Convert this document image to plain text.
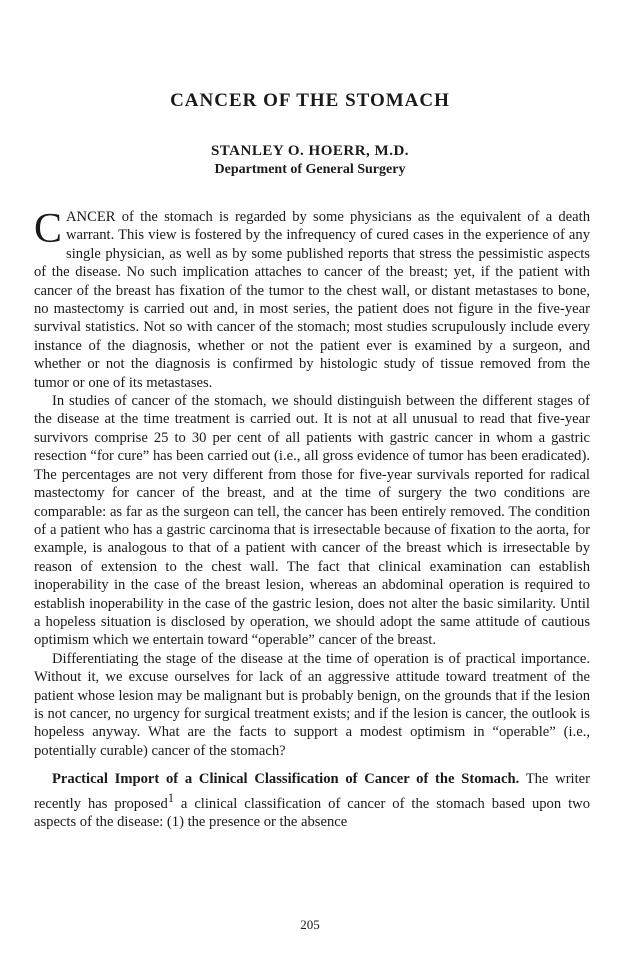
CANCER OF THE STOMACH
STANLEY O. HOERR, M.D.
Department of General Surgery

CANCER of the stomach is regarded by some physicians as the equivalent of a death warrant. This view is fostered by the infrequency of cured cases in the experience of any single physician, as well as by some published reports that stress the pessimistic aspects of the disease. No such implication attaches to cancer of the breast; yet, if the patient with cancer of the breast has fixation of the tumor to the chest wall, or distant metastases to bone, no mastectomy is carried out and, in most series, the patient does not figure in the five-year survival statistics. Not so with cancer of the stomach; most studies scrupulously include every instance of the diagnosis, whether or not the patient ever is examined by a surgeon, and whether or not the diagnosis is confirmed by histologic study of tissue removed from the tumor or one of its metastases.

In studies of cancer of the stomach, we should distinguish between the different stages of the disease at the time treatment is carried out. It is not at all unusual to read that five-year survivors comprise 25 to 30 per cent of all patients with gastric cancer in whom a gastric resection “for cure” has been carried out (i.e., all gross evidence of tumor has been eradicated). The percentages are not very different from those for five-year survivals reported for radical mastectomy for cancer of the breast, and at the time of surgery the two conditions are comparable: as far as the surgeon can tell, the cancer has been entirely removed. The condition of a patient who has a gastric carcinoma that is irresectable because of fixation to the aorta, for example, is analogous to that of a patient with cancer of the breast which is irresectable by reason of extension to the chest wall. The fact that clinical examination can establish inoperability in the case of the breast lesion, whereas an abdominal operation is required to establish inoperability in the case of the gastric lesion, does not alter the basic similarity. Until a hopeless situation is disclosed by operation, we should adopt the same attitude of cautious optimism which we entertain toward “operable” cancer of the breast.

Differentiating the stage of the disease at the time of operation is of practical importance. Without it, we excuse ourselves for lack of an aggressive attitude toward treatment of the patient whose lesion may be malignant but is probably benign, on the grounds that if the lesion is not cancer, no urgency for surgical treatment exists; and if the lesion is cancer, the outlook is hopeless anyway. What are the facts to support a modest optimism in “operable” (i.e., potentially curable) cancer of the stomach?

Practical Import of a Clinical Classification of Cancer of the Stomach. The writer recently has proposed$^1$ a clinical classification of cancer of the stomach based upon two aspects of the disease: (1) the presence or the absence

205
